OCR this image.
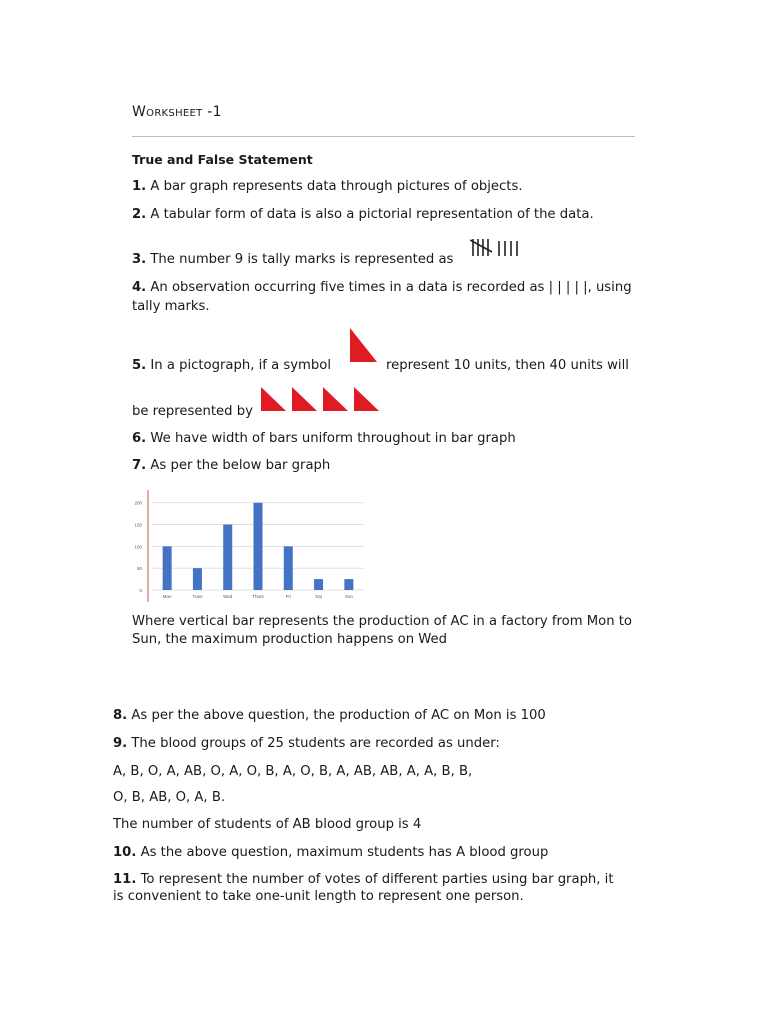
Worksheet -1
True and False Statement
1. A bar graph represents data through pictures of objects.
2. A tabular form of data is also a pictorial representation of the data.
3. The number 9 is tally marks is represented as
4. An observation occurring five times in a data is recorded as | | | | |, using
tally marks.
5. In a pictograph, if a symbol	represent 10 units, then 40 units will
be represented by
6. We have width of bars uniform throughout in bar graph
7. As per the below bar graph
0
50
100
150
200
Mon	Tues	Wed	Thurs	Fri	Sat	Sun
Where vertical bar represents the production of AC in a factory from Mon to
Sun, the maximum production happens on Wed
8. As per the above question, the production of AC on Mon is 100
9. The blood groups of 25 students are recorded as under:
A, B, O, A, AB, O, A, O, B, A, O, B, A, AB, AB, A, A, B, B,
O, B, AB, O, A, B.
The number of students of AB blood group is 4
10. As the above question, maximum students has A blood group
11. To represent the number of votes of different parties using bar graph, it
is convenient to take one-unit length to represent one person.
